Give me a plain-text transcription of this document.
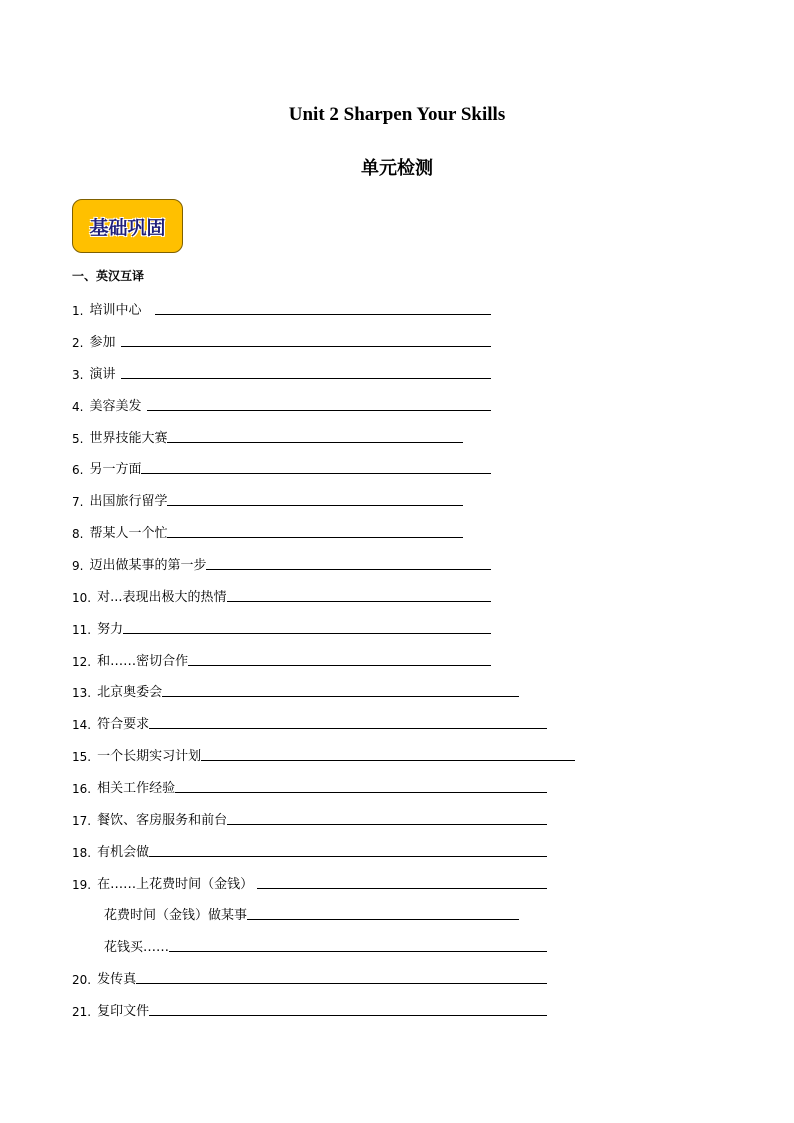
Unit 2 Sharpen Your Skills
单元检测
基础巩固
一、英汉互译
1. 培训中心
2. 参加
3. 演讲
4. 美容美发
5. 世界技能大赛
6. 另一方面
7. 出国旅行留学
8. 帮某人一个忙
9. 迈出做某事的第一步
10. 对...表现出极大的热情
11. 努力
12. 和……密切合作
13. 北京奥委会
14. 符合要求
15. 一个长期实习计划
16. 相关工作经验
17. 餐饮、客房服务和前台
18. 有机会做
19. 在……上花费时间（金钱）
花费时间（金钱）做某事
花钱买……
20. 发传真
21. 复印文件
